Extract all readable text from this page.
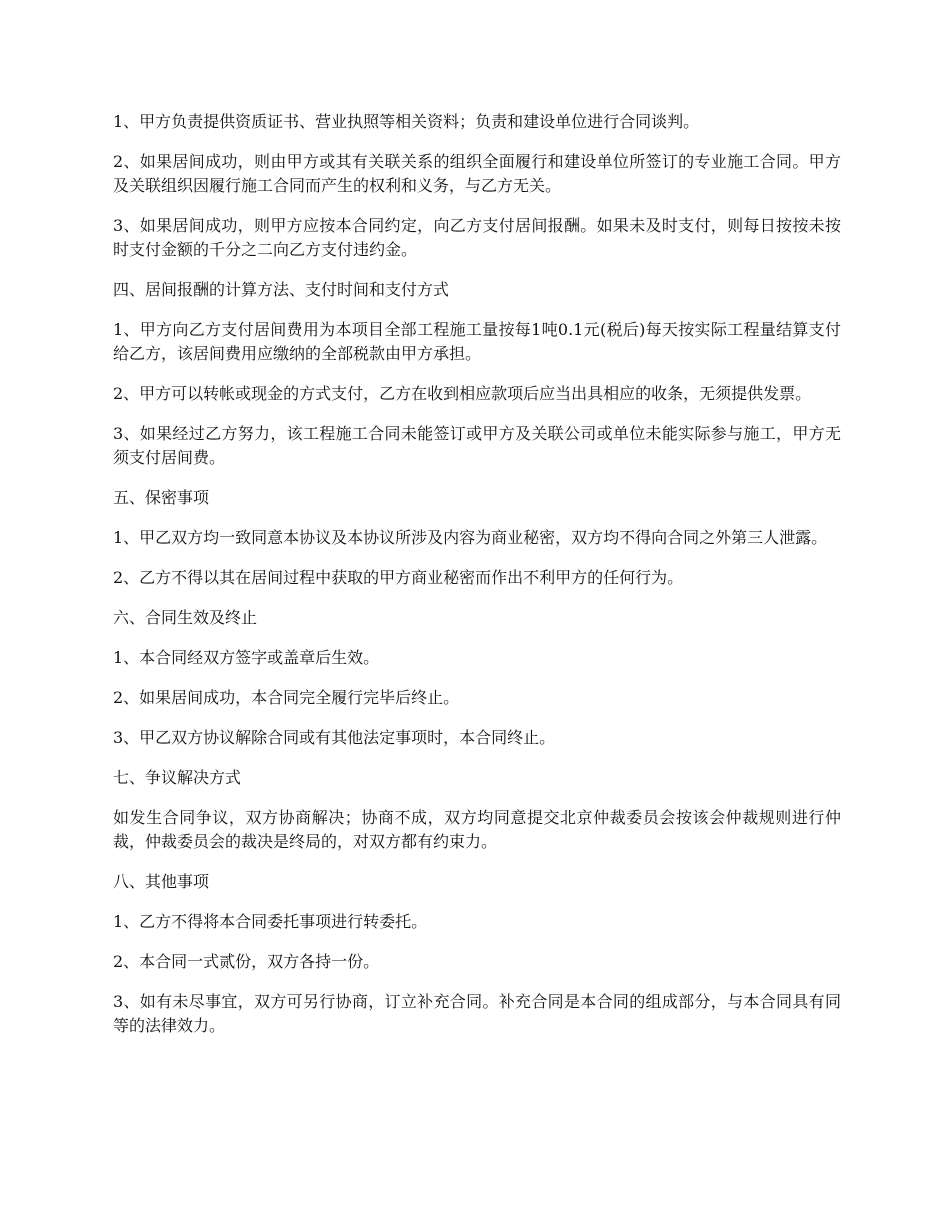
1、甲方负责提供资质证书、营业执照等相关资料；负责和建设单位进行合同谈判。

2、如果居间成功，则由甲方或其有关联关系的组织全面履行和建设单位所签订的专业施工合同。甲方及关联组织因履行施工合同而产生的权利和义务，与乙方无关。

3、如果居间成功，则甲方应按本合同约定，向乙方支付居间报酬。如果未及时支付，则每日按按未按时支付金额的千分之二向乙方支付违约金。

四、居间报酬的计算方法、支付时间和支付方式

1、甲方向乙方支付居间费用为本项目全部工程施工量按每1吨0.1元(税后)每天按实际工程量结算支付给乙方，该居间费用应缴纳的全部税款由甲方承担。

2、甲方可以转帐或现金的方式支付，乙方在收到相应款项后应当出具相应的收条，无须提供发票。

3、如果经过乙方努力，该工程施工合同未能签订或甲方及关联公司或单位未能实际参与施工，甲方无须支付居间费。

五、保密事项

1、甲乙双方均一致同意本协议及本协议所涉及内容为商业秘密，双方均不得向合同之外第三人泄露。

2、乙方不得以其在居间过程中获取的甲方商业秘密而作出不利甲方的任何行为。

六、合同生效及终止

1、本合同经双方签字或盖章后生效。

2、如果居间成功，本合同完全履行完毕后终止。

3、甲乙双方协议解除合同或有其他法定事项时，本合同终止。

七、争议解决方式

如发生合同争议，双方协商解决；协商不成，双方均同意提交北京仲裁委员会按该会仲裁规则进行仲裁，仲裁委员会的裁决是终局的，对双方都有约束力。

八、其他事项

1、乙方不得将本合同委托事项进行转委托。

2、本合同一式贰份，双方各持一份。

3、如有未尽事宜，双方可另行协商，订立补充合同。补充合同是本合同的组成部分，与本合同具有同等的法律效力。
